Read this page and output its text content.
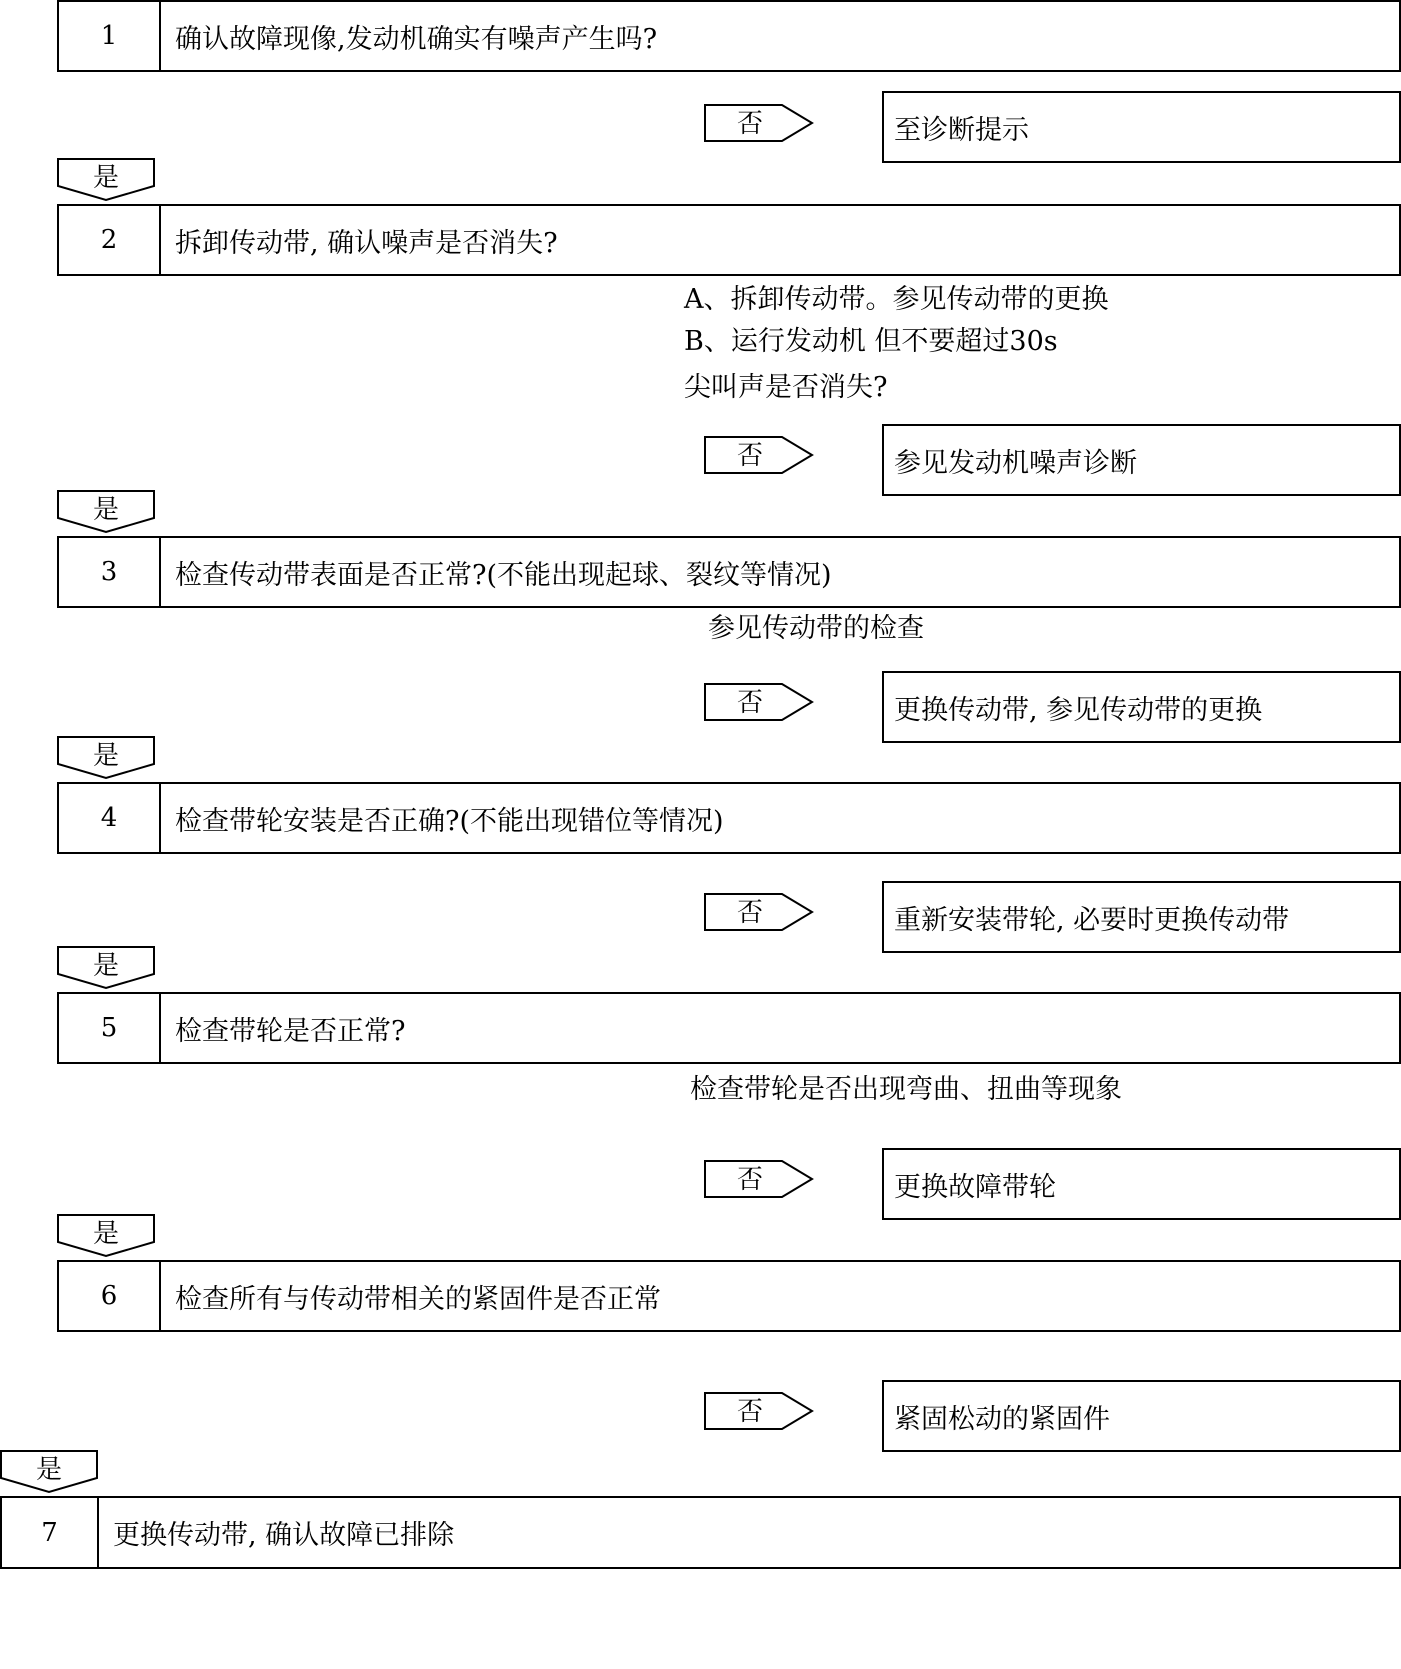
1	确认故障现像,发动机确实有噪声产生吗?
2	拆卸传动带, 确认噪声是否消失?
3	检查传动带表面是否正常?(不能出现起球、裂纹等情况)
4	检查带轮安装是否正确?(不能出现错位等情况)
5	检查带轮是否正常?
6	检查所有与传动带相关的紧固件是否正常
7	更换传动带, 确认故障已排除
至诊断提示
参见发动机噪声诊断
更换传动带, 参见传动带的更换
重新安装带轮, 必要时更换传动带
更换故障带轮
紧固松动的紧固件
否
否
否
否
否
否
是
是
是
是
是
是
A、拆卸传动带。参见传动带的更换
B、运行发动机 但不要超过30s
尖叫声是否消失?
参见传动带的检查
检查带轮是否出现弯曲、扭曲等现象
